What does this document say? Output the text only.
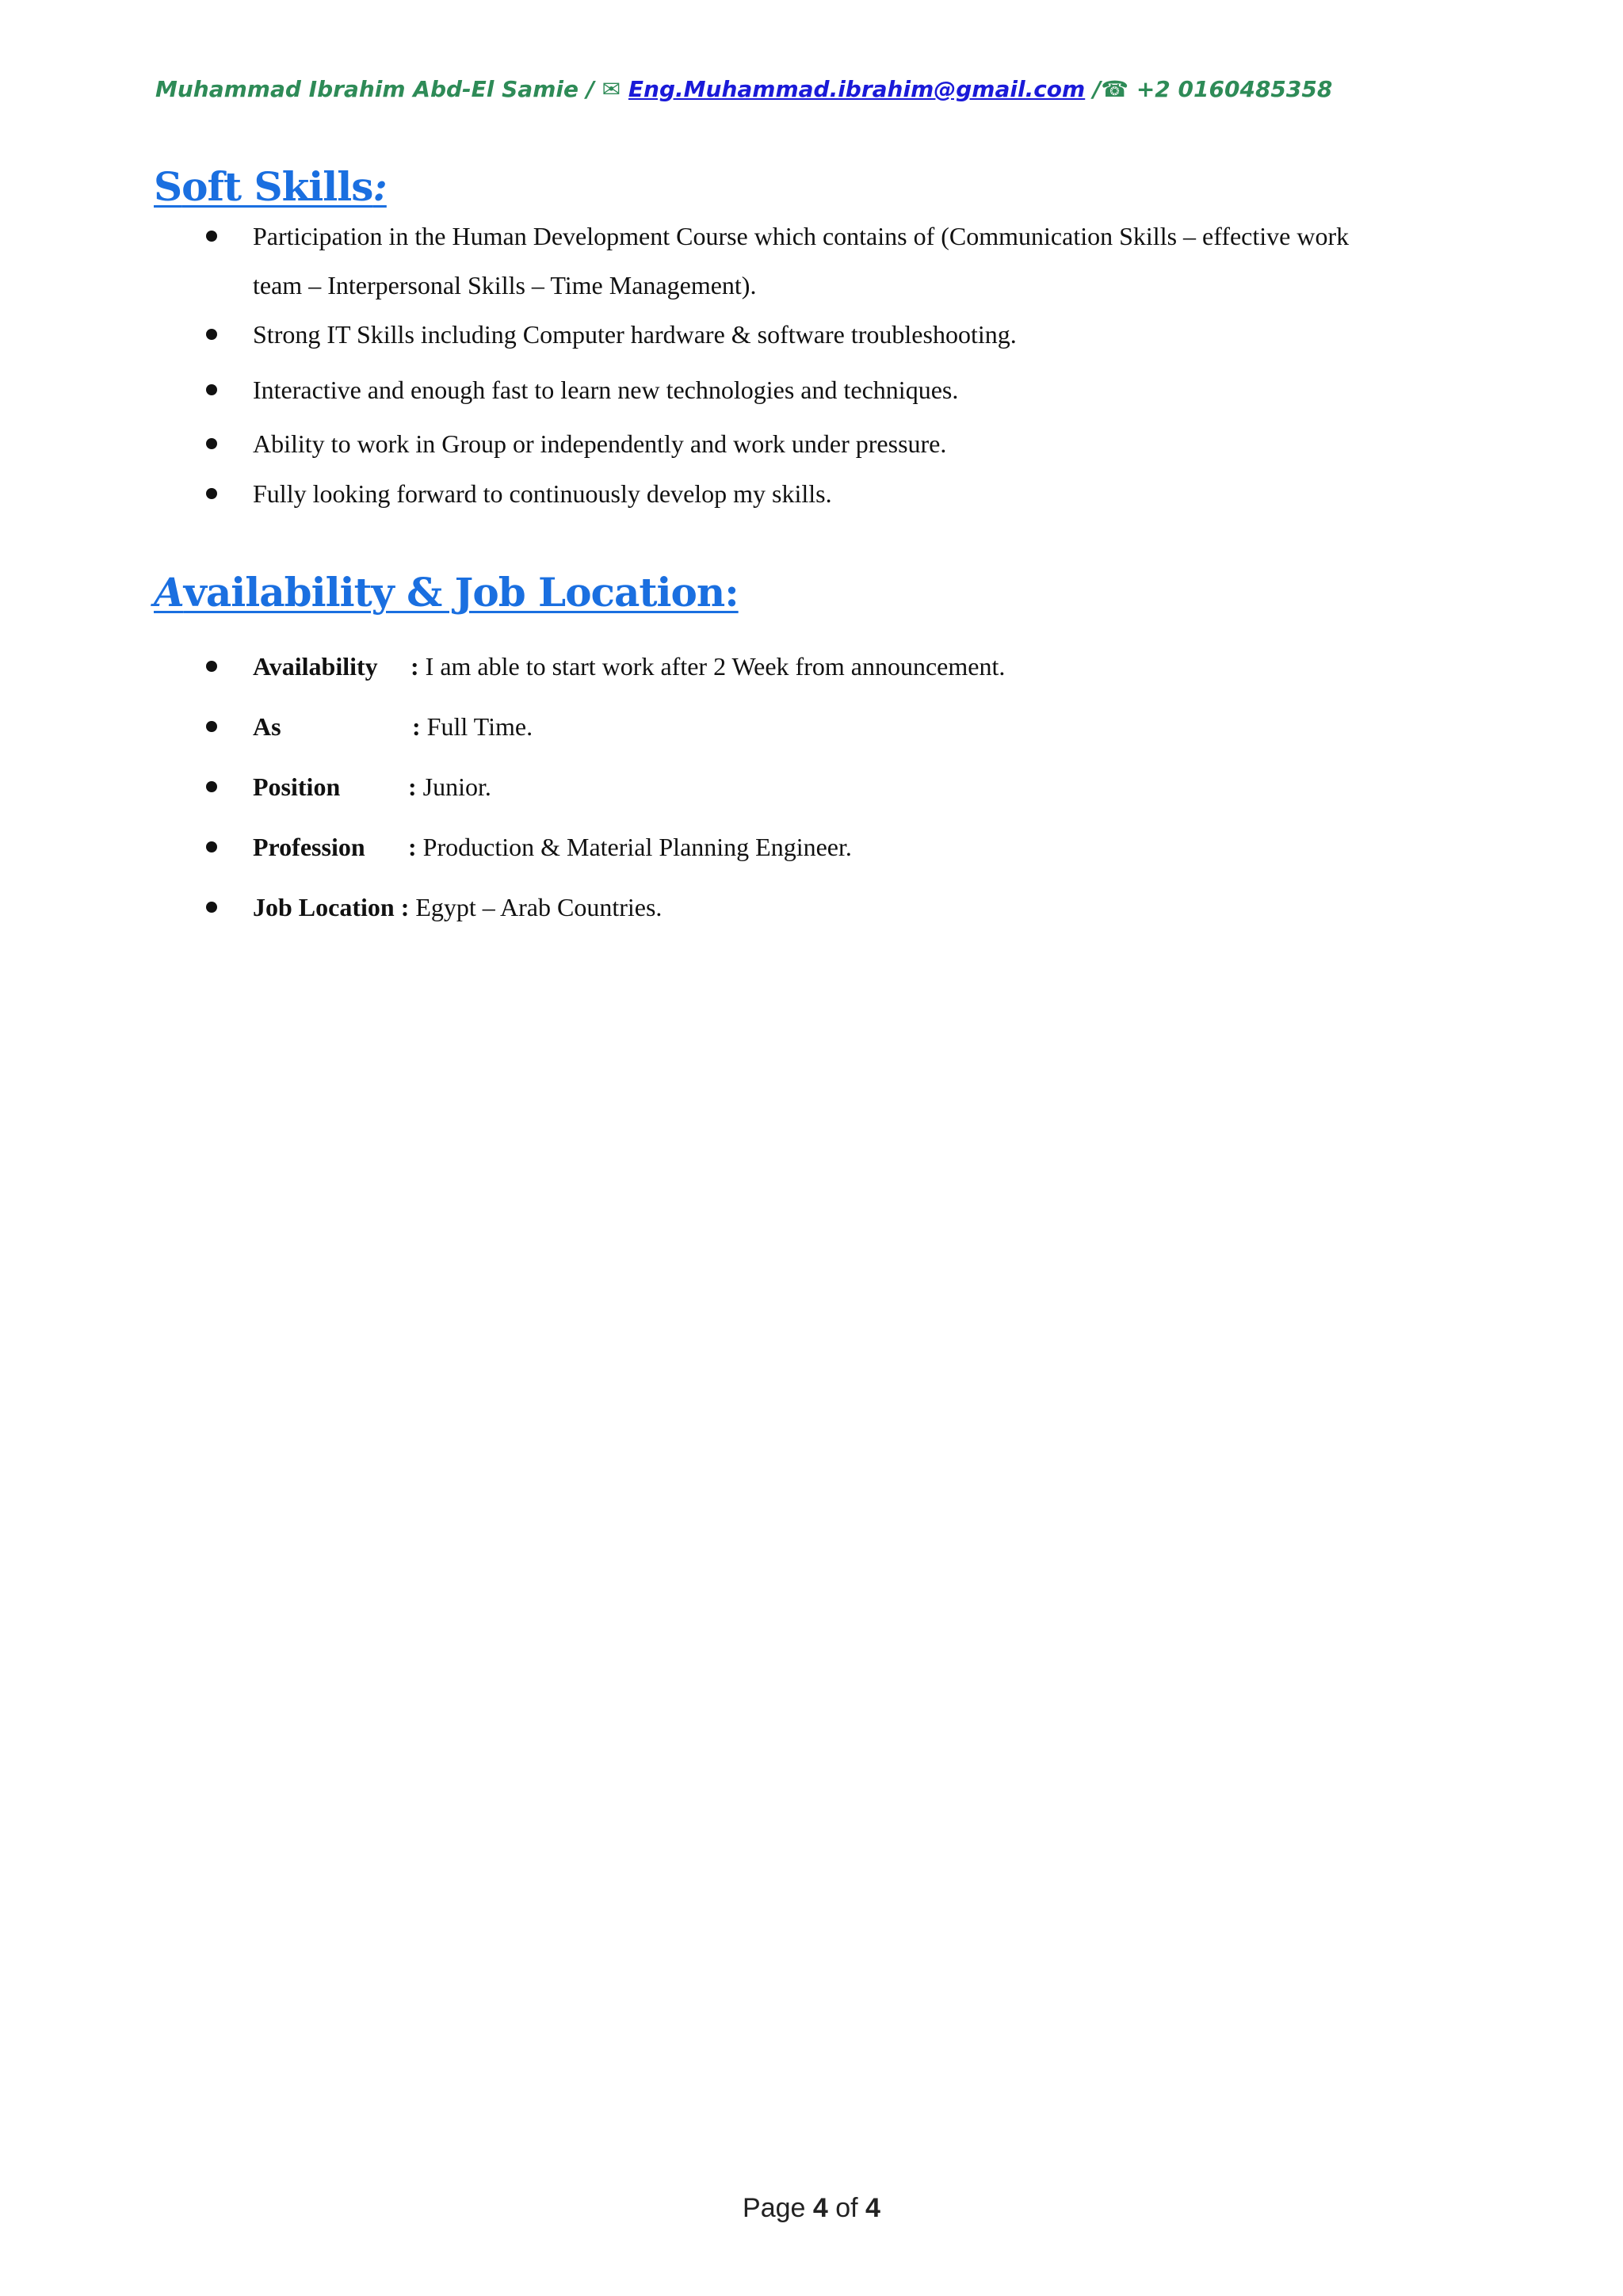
Muhammad Ibrahim Abd-El Samie / ✉ Eng.Muhammad.ibrahim@gmail.com /☎ +2 0160485358
Soft Skills:
Participation in the Human Development Course which contains of (Communication Skills – effective work
team – Interpersonal Skills – Time Management).
Strong IT Skills including Computer hardware & software troubleshooting.
Interactive and enough fast to learn new technologies and techniques.
Ability to work in Group or independently and work under pressure.
Fully looking forward to continuously develop my skills.
Availability & Job Location:
Availability : I am able to start work after 2 Week from announcement.
As	: Full Time.
Position	: Junior.
Profession : Production & Material Planning Engineer.
Job Location : Egypt – Arab Countries.
Page 4 of 4
